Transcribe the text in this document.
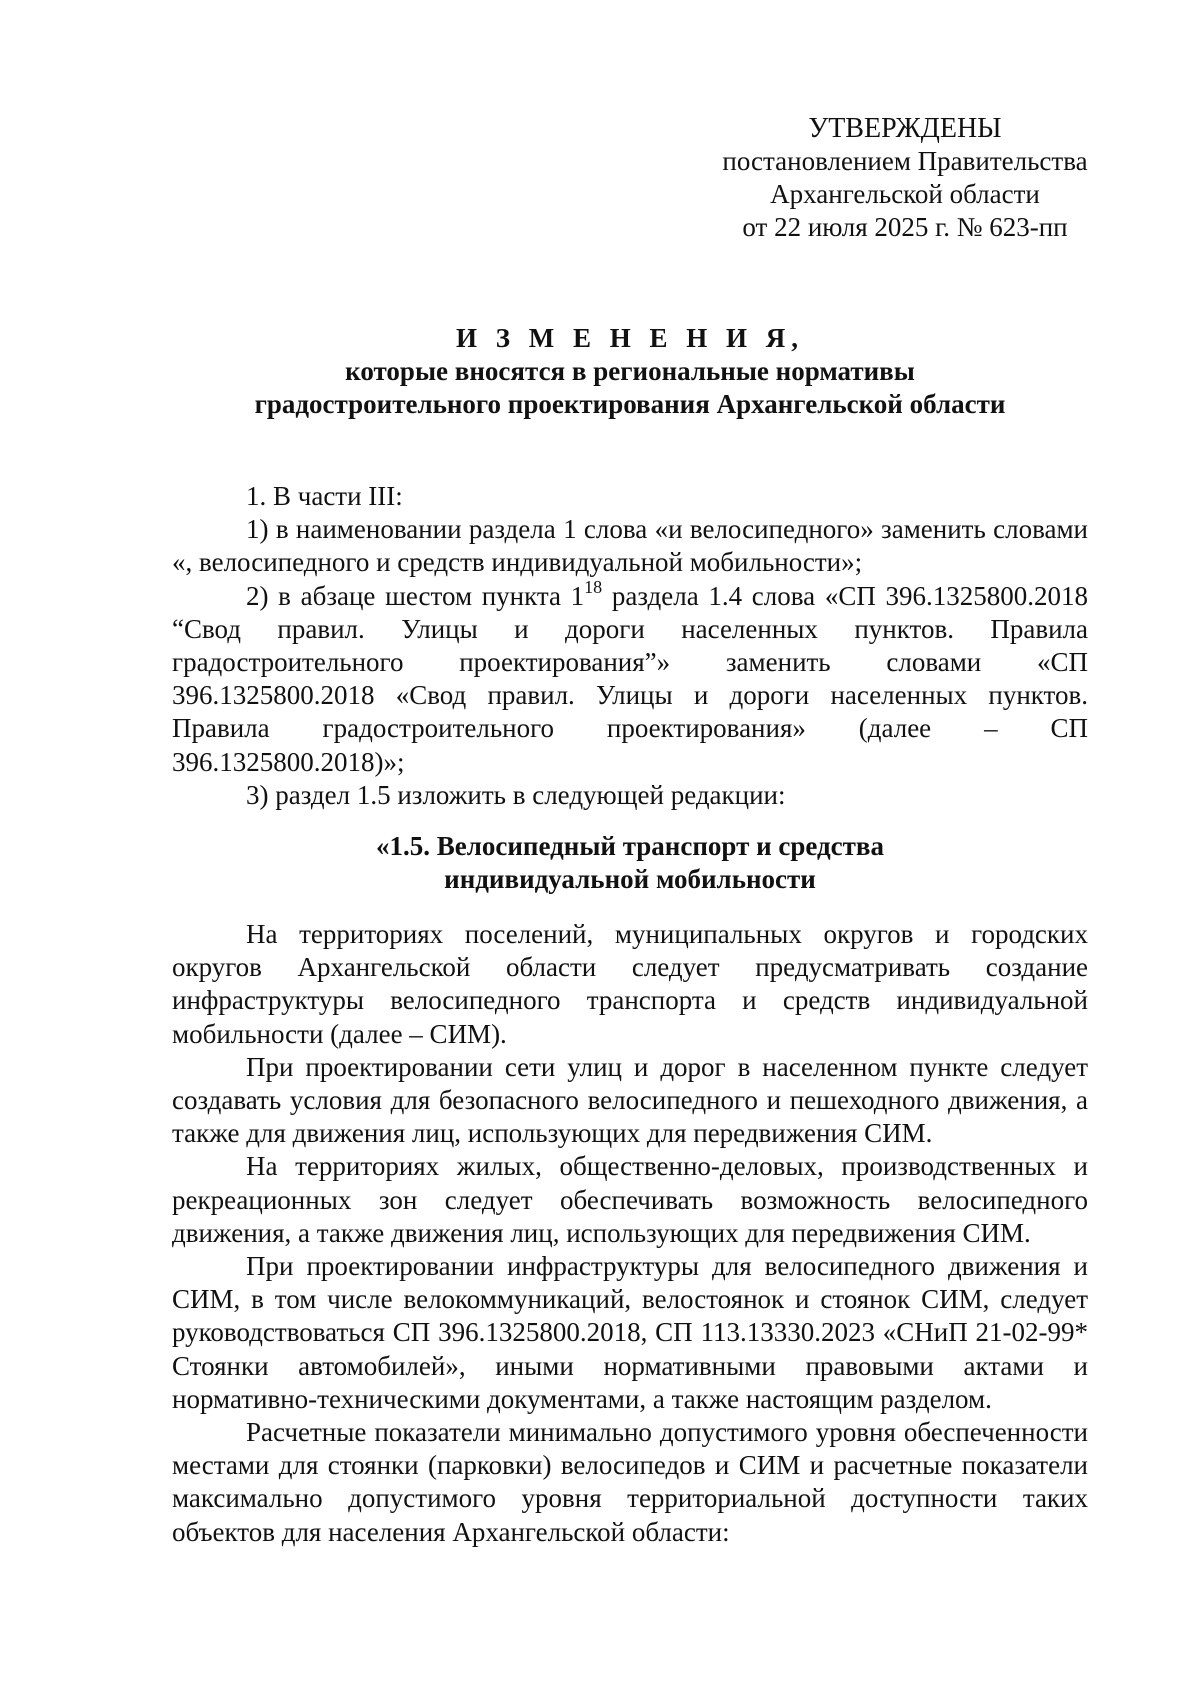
УТВЕРЖДЕНЫ
постановлением Правительства
Архангельской области
от 22 июля 2025 г. № 623-пп
И З М Е Н Е Н И Я,
которые вносятся в региональные нормативы
градостроительного проектирования Архангельской области

1. В части III:

1) в наименовании раздела 1 слова «и велосипедного» заменить словами «, велосипедного и средств индивидуальной мобильности»;

2) в абзаце шестом пункта $1^{18}$ раздела 1.4 слова «СП 396.1325800.2018 “Свод правил. Улицы и дороги населенных пунктов. Правила градостроительного проектирования”» заменить словами «СП 396.1325800.2018 «Свод правил. Улицы и дороги населенных пунктов. Правила градостроительного проектирования» (далее – СП 396.1325800.2018)»;

3) раздел 1.5 изложить в следующей редакции:

«1.5. Велосипедный транспорт и средства
индивидуальной мобильности

На территориях поселений, муниципальных округов и городских округов Архангельской области следует предусматривать создание инфраструктуры велосипедного транспорта и средств индивидуальной мобильности (далее – СИМ).

При проектировании сети улиц и дорог в населенном пункте следует создавать условия для безопасного велосипедного и пешеходного движения, а также для движения лиц, использующих для передвижения СИМ.

На территориях жилых, общественно-деловых, производственных и рекреационных зон следует обеспечивать возможность велосипедного движения, а также движения лиц, использующих для передвижения СИМ.

При проектировании инфраструктуры для велосипедного движения и СИМ, в том числе велокоммуникаций, велостоянок и стоянок СИМ, следует руководствоваться СП 396.1325800.2018, СП 113.13330.2023 «СНиП 21-02-99* Стоянки автомобилей», иными нормативными правовыми актами и нормативно-техническими документами, а также настоящим разделом.

Расчетные показатели минимально допустимого уровня обеспеченности местами для стоянки (парковки) велосипедов и СИМ и расчетные показатели максимально допустимого уровня территориальной доступности таких объектов для населения Архангельской области:
